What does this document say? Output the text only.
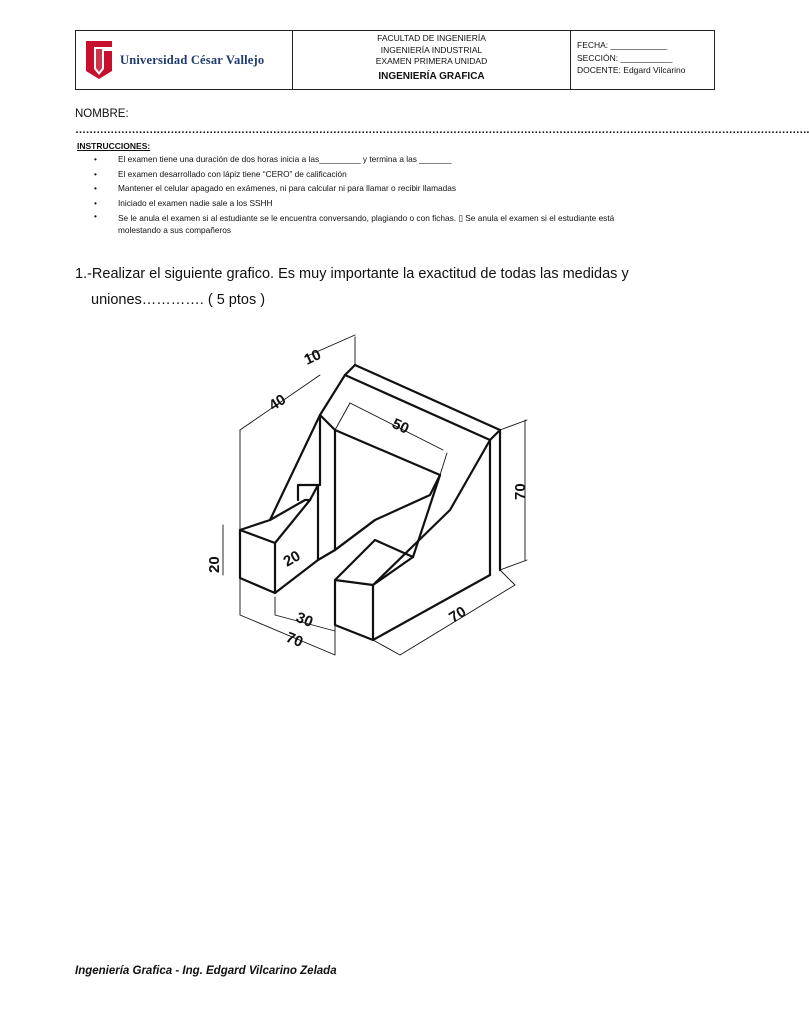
Universidad César Vallejo
FACULTAD DE INGENIERÍA
INGENIERÍA INDUSTRIAL
EXAMEN PRIMERA UNIDAD
INGENIERÍA GRAFICA
FECHA: ____________
SECCIÓN: ___________
DOCENTE: Edgard Vilcarino
NOMBRE:
……………………………………………………………………………………………………………………………………………………………………………………….
INSTRUCCIONES:
• El examen tiene una duración de dos horas inicia a las_________ y termina a las _______
• El examen desarrollado con lápiz tiene “CERO” de calificación
• Mantener el celular apagado en exámenes, ni para calcular ni para llamar o recibir llamadas
• Iniciado el examen nadie sale a los SSHH
• Se le anula el examen si al estudiante se le encuentra conversando, plagiando o con fichas. ▯ Se anula el examen si el estudiante está molestando a sus compañeros
1.-Realizar el siguiente grafico. Es muy importante la exactitud de todas las medidas y
uniones…………. ( 5 ptos )
10
40
50
70
20	20
30
70
70
Ingeniería Grafica - Ing. Edgard Vilcarino Zelada
